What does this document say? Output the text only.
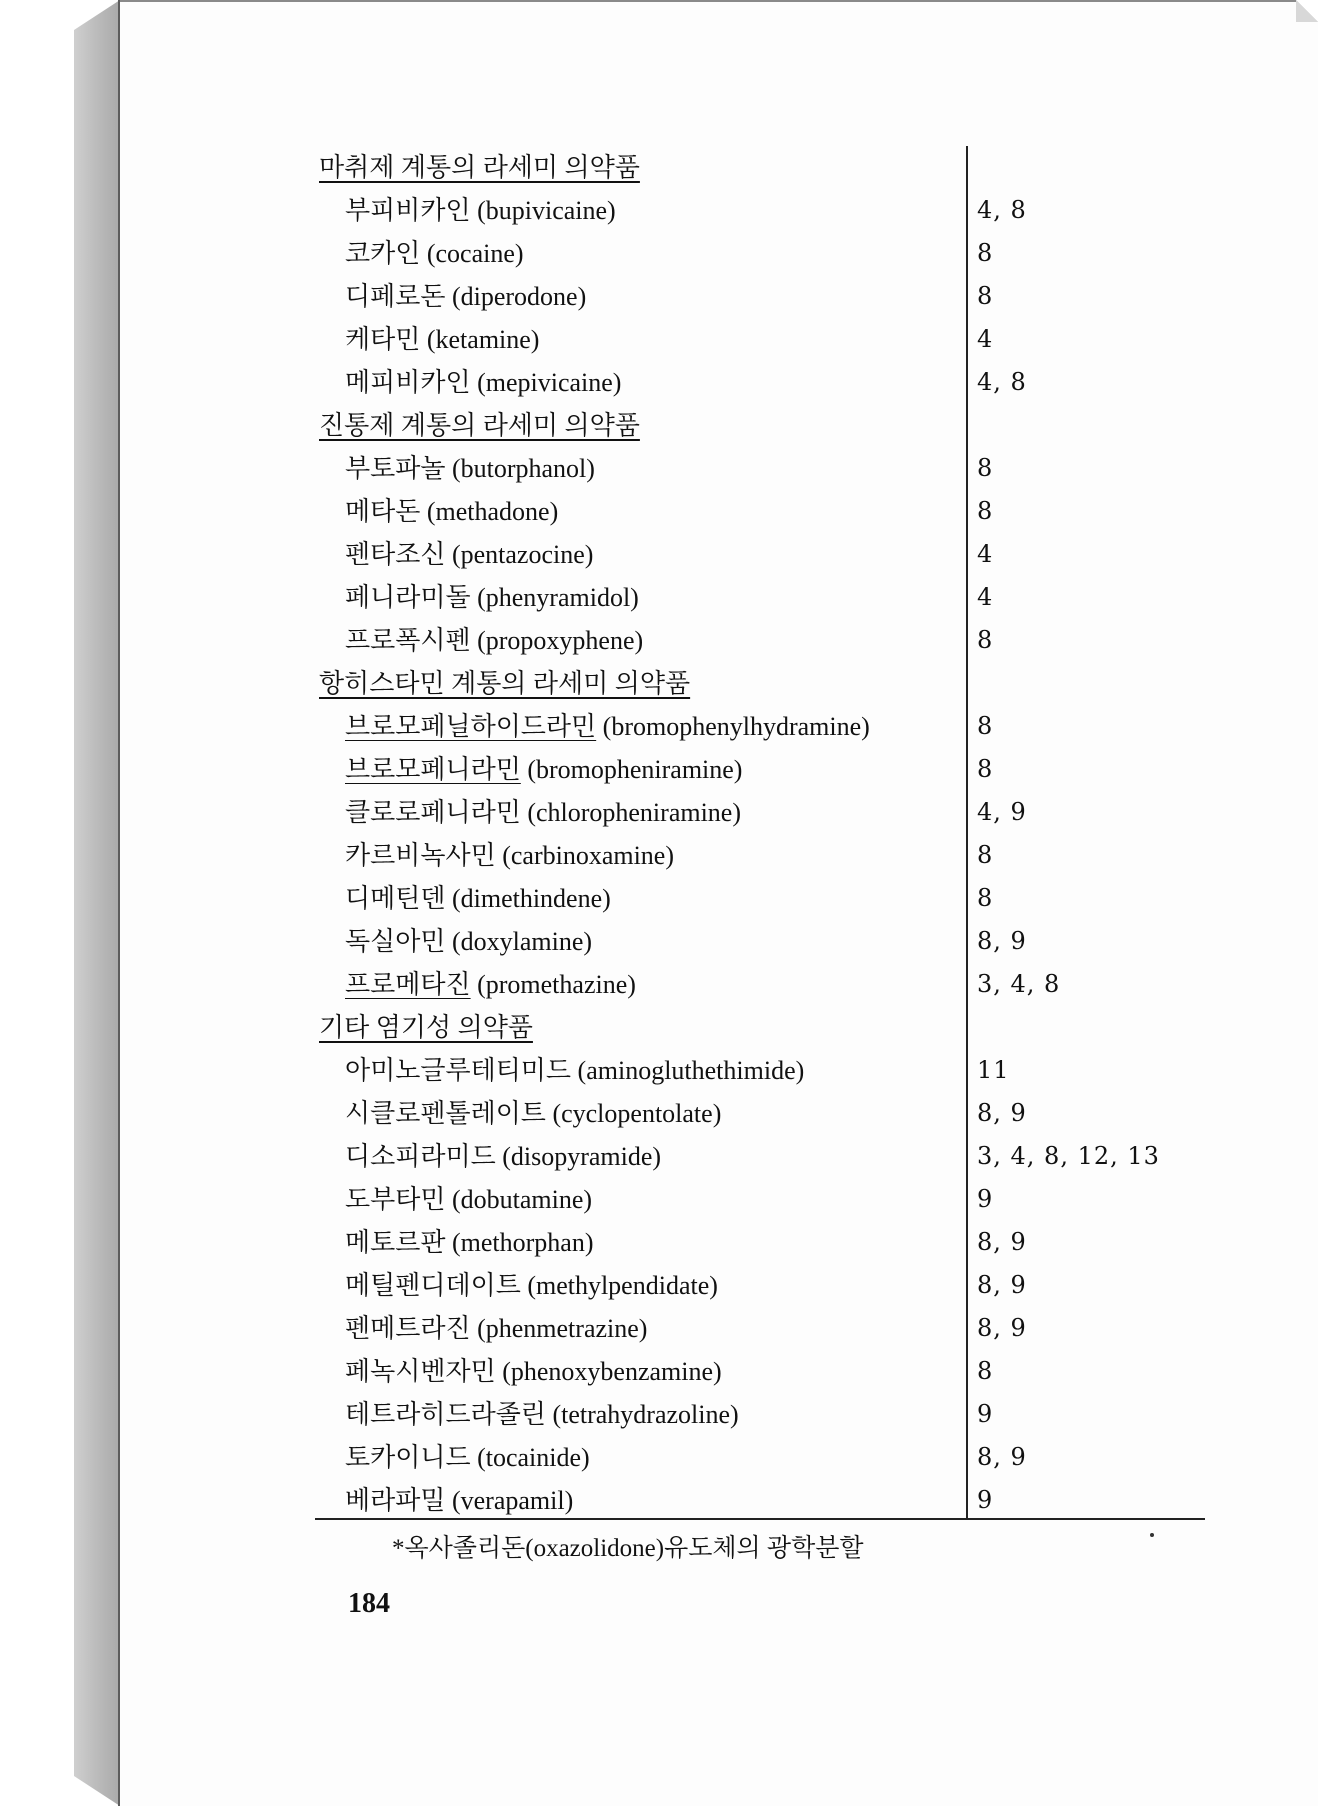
마취제 계통의 라세미 의약품
부피비카인 (bupivicaine)	4, 8
코카인 (cocaine)	8
디페로돈 (diperodone)	8
케타민 (ketamine)	4
메피비카인 (mepivicaine)	4, 8
진통제 계통의 라세미 의약품
부토파놀 (butorphanol)	8
메타돈 (methadone)	8
펜타조신 (pentazocine)	4
페니라미돌 (phenyramidol)	4
프로폭시펜 (propoxyphene)	8
항히스타민 계통의 라세미 의약품
브로모페닐하이드라민 (bromophenylhydramine)	8
브로모페니라민 (bromopheniramine)	8
클로로페니라민 (chloropheniramine)	4, 9
카르비녹사민 (carbinoxamine)	8
디메틴덴 (dimethindene)	8
독실아민 (doxylamine)	8, 9
프로메타진 (promethazine)	3, 4, 8
기타 염기성 의약품
아미노글루테티미드 (aminogluthethimide)	11
시클로펜톨레이트 (cyclopentolate)	8, 9
디소피라미드 (disopyramide)	3, 4, 8, 12, 13
도부타민 (dobutamine)	9
메토르판 (methorphan)	8, 9
메틸펜디데이트 (methylpendidate)	8, 9
펜메트라진 (phenmetrazine)	8, 9
페녹시벤자민 (phenoxybenzamine)	8
테트라히드라졸린 (tetrahydrazoline)	9
토카이니드 (tocainide)	8, 9
베라파밀 (verapamil)	9
*옥사졸리돈(oxazolidone)유도체의 광학분할
184
